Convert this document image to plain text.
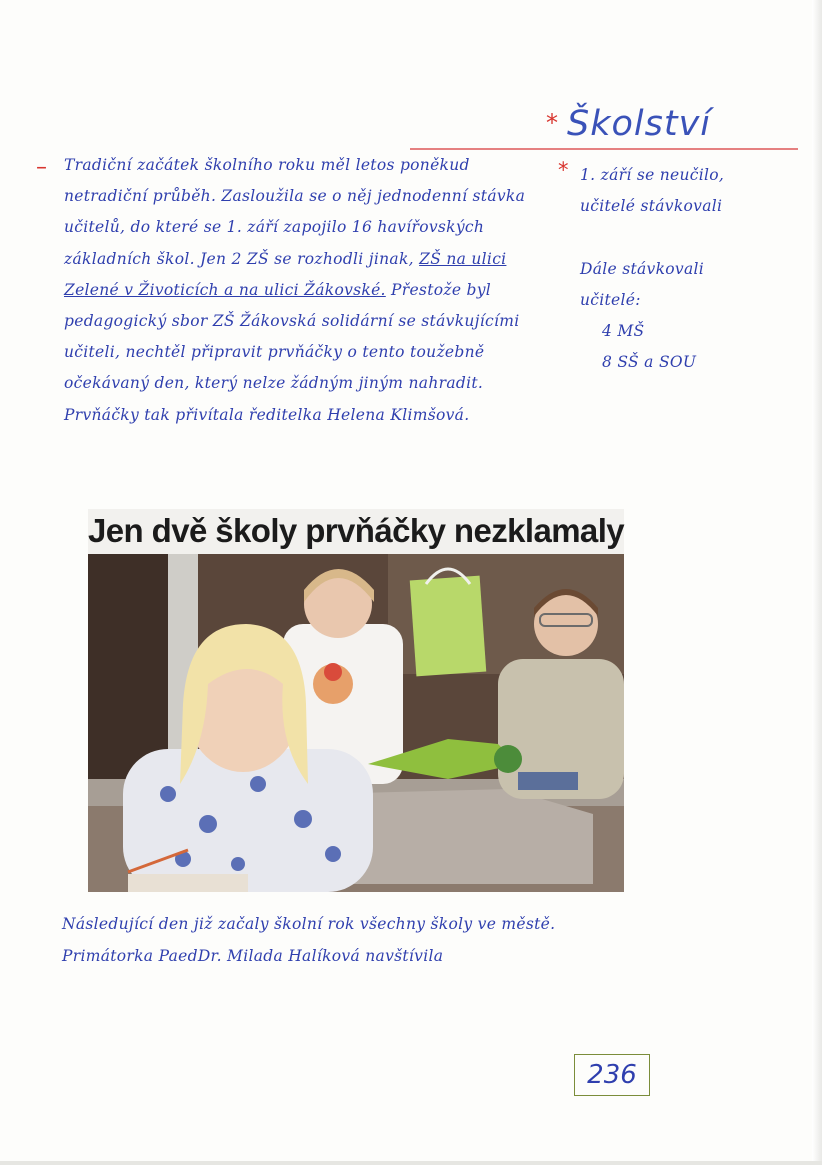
* Školství
–	*

Tradiční začátek školního roku měl letos poněkud netradiční průběh. Zasloužila se o něj jednodenní stávka učitelů, do které se 1. září zapojilo 16 havířovských základních škol. Jen 2 ZŠ se rozhodli jinak, ZŠ na ulici Zelené v Životicích a na ulici Žákovské. Přestože byl pedagogický sbor ZŠ Žákovská solidární se stávkujícími učiteli, nechtěl připravit prvňáčky o tento toužebně očekávaný den, který nelze žádným jiným nahradit. Prvňáčky tak přivítala ředitelka Helena Klimšová.

1. září se neučilo,
učitelé stávkovali
Dále stávkovali
učitelé:
4 MŠ
8 SŠ a SOU
Jen dvě školy prvňáčky nezklamaly
Následující den již začaly školní rok všechny školy ve městě.
Primátorka PaedDr. Milada Halíková navštívila
236
